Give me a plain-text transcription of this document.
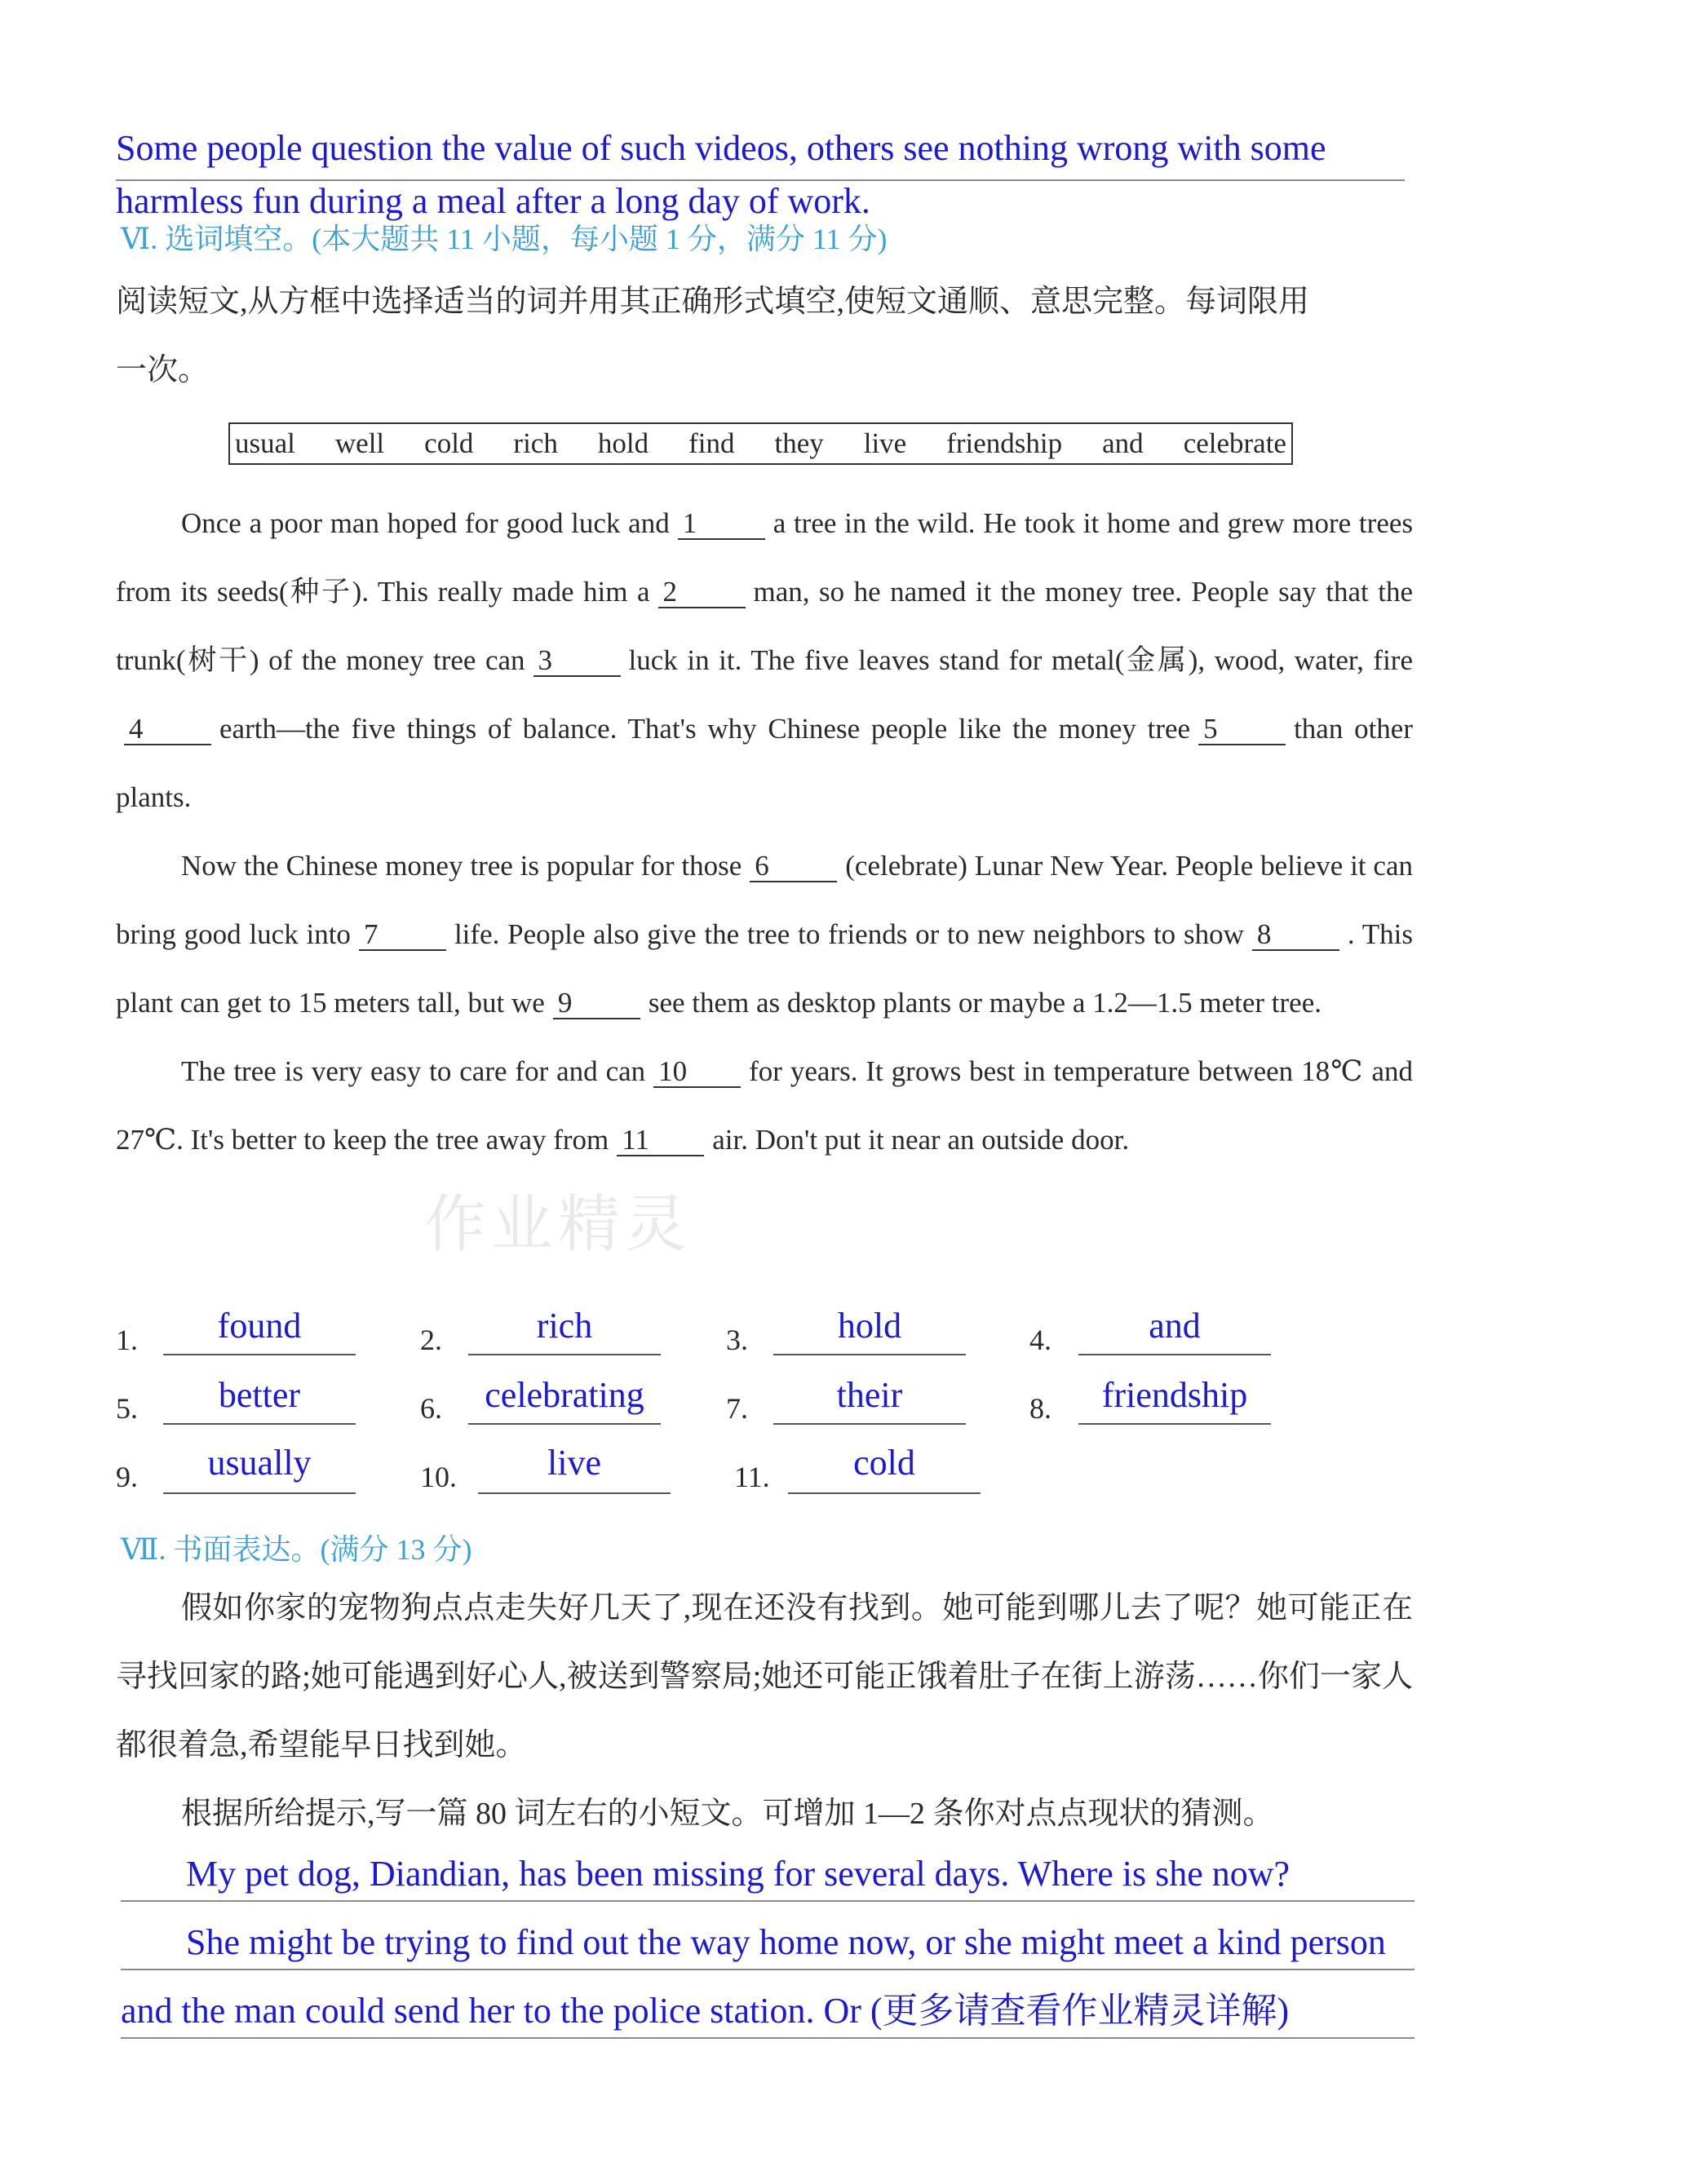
作业精灵
Some people question the value of such videos, others see nothing wrong with some
harmless fun during a meal after a long day of work.
Ⅵ. 选词填空。(本大题共 11 小题，每小题 1 分，满分 11 分)
阅读短文,从方框中选择适当的词并用其正确形式填空,使短文通顺、意思完整。每词限用
一次。
usual well cold rich hold find they live friendship and celebrate

Once a poor man hoped for good luck and 1	a tree in the wild. He took it home and grew more trees from its seeds(种子). This really made him a 2	man, so he named it the money tree. People say that the trunk(树干) of the money tree can 3	luck in it. The five leaves stand for metal(金属), wood, water, fire4	earth—the five things of balance. That's why Chinese people like the money tree 5	than other plants.

Now the Chinese money tree is popular for those 6	(celebrate) Lunar New Year. People believe it can bring good luck into 7	life. People also give the tree to friends or to new neighbors to show 8	. This plant can get to 15 meters tall, but we 9	see them as desktop plants or maybe a 1.2—1.5 meter tree.

The tree is very easy to care for and can 10 for years. It grows best in temperature between 18℃ and 27℃. It's better to keep the tree away from 11 air. Don't put it near an outside door.

1.	found	2.	rich	3.	hold	4.	and
5.	better	6.	celebrating	7.	their	8.	friendship
9.	usually	10.	live	11.	cold
Ⅶ. 书面表达。(满分 13 分)
假如你家的宠物狗点点走失好几天了,现在还没有找到。她可能到哪儿去了呢？她可能正在寻找回家的路;她可能遇到好心人,被送到警察局;她还可能正饿着肚子在街上游荡……你们一家人都很着急,希望能早日找到她。
根据所给提示,写一篇 80 词左右的小短文。可增加 1—2 条你对点点现状的猜测。
My pet dog, Diandian, has been missing for several days. Where is she now?
She might be trying to find out the way home now, or she might meet a kind person
and the man could send her to the police station. Or (更多请查看作业精灵详解)
